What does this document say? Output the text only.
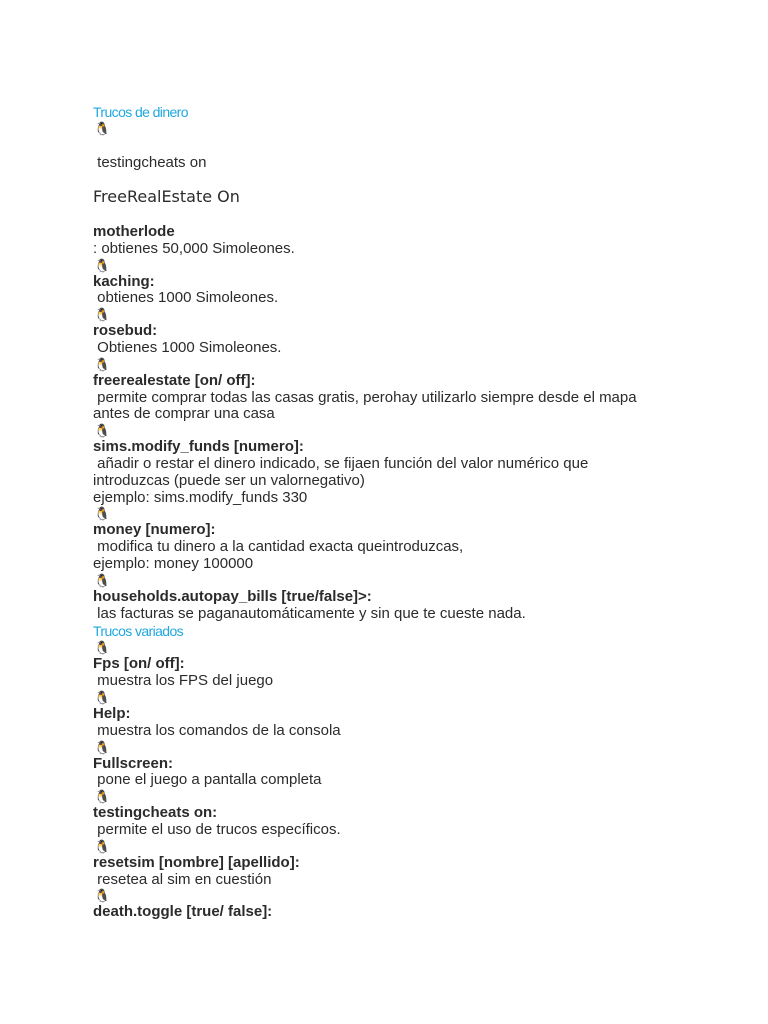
Trucos de dinero
🐧
testingcheats on
FreeRealEstate On
motherlode
: obtienes 50,000 Simoleones.
🐧
kaching:
obtienes 1000 Simoleones.
🐧
rosebud:
Obtienes 1000 Simoleones.
🐧
freerealestate [on/ off]:
permite comprar todas las casas gratis, perohay utilizarlo siempre desde el mapa
antes de comprar una casa
🐧
sims.modify_funds [numero]:
añadir o restar el dinero indicado, se fijaen función del valor numérico que
introduzcas (puede ser un valornegativo)
ejemplo: sims.modify_funds 330
🐧
money [numero]:
modifica tu dinero a la cantidad exacta queintroduzcas,
ejemplo: money 100000
🐧
households.autopay_bills [true/false]>:
las facturas se paganautomáticamente y sin que te cueste nada.
Trucos variados
🐧
Fps [on/ off]:
muestra los FPS del juego
🐧
Help:
muestra los comandos de la consola
🐧
Fullscreen:
pone el juego a pantalla completa
🐧
testingcheats on:
permite el uso de trucos específicos.
🐧
resetsim [nombre] [apellido]:
resetea al sim en cuestión
🐧
death.toggle [true/ false]:
